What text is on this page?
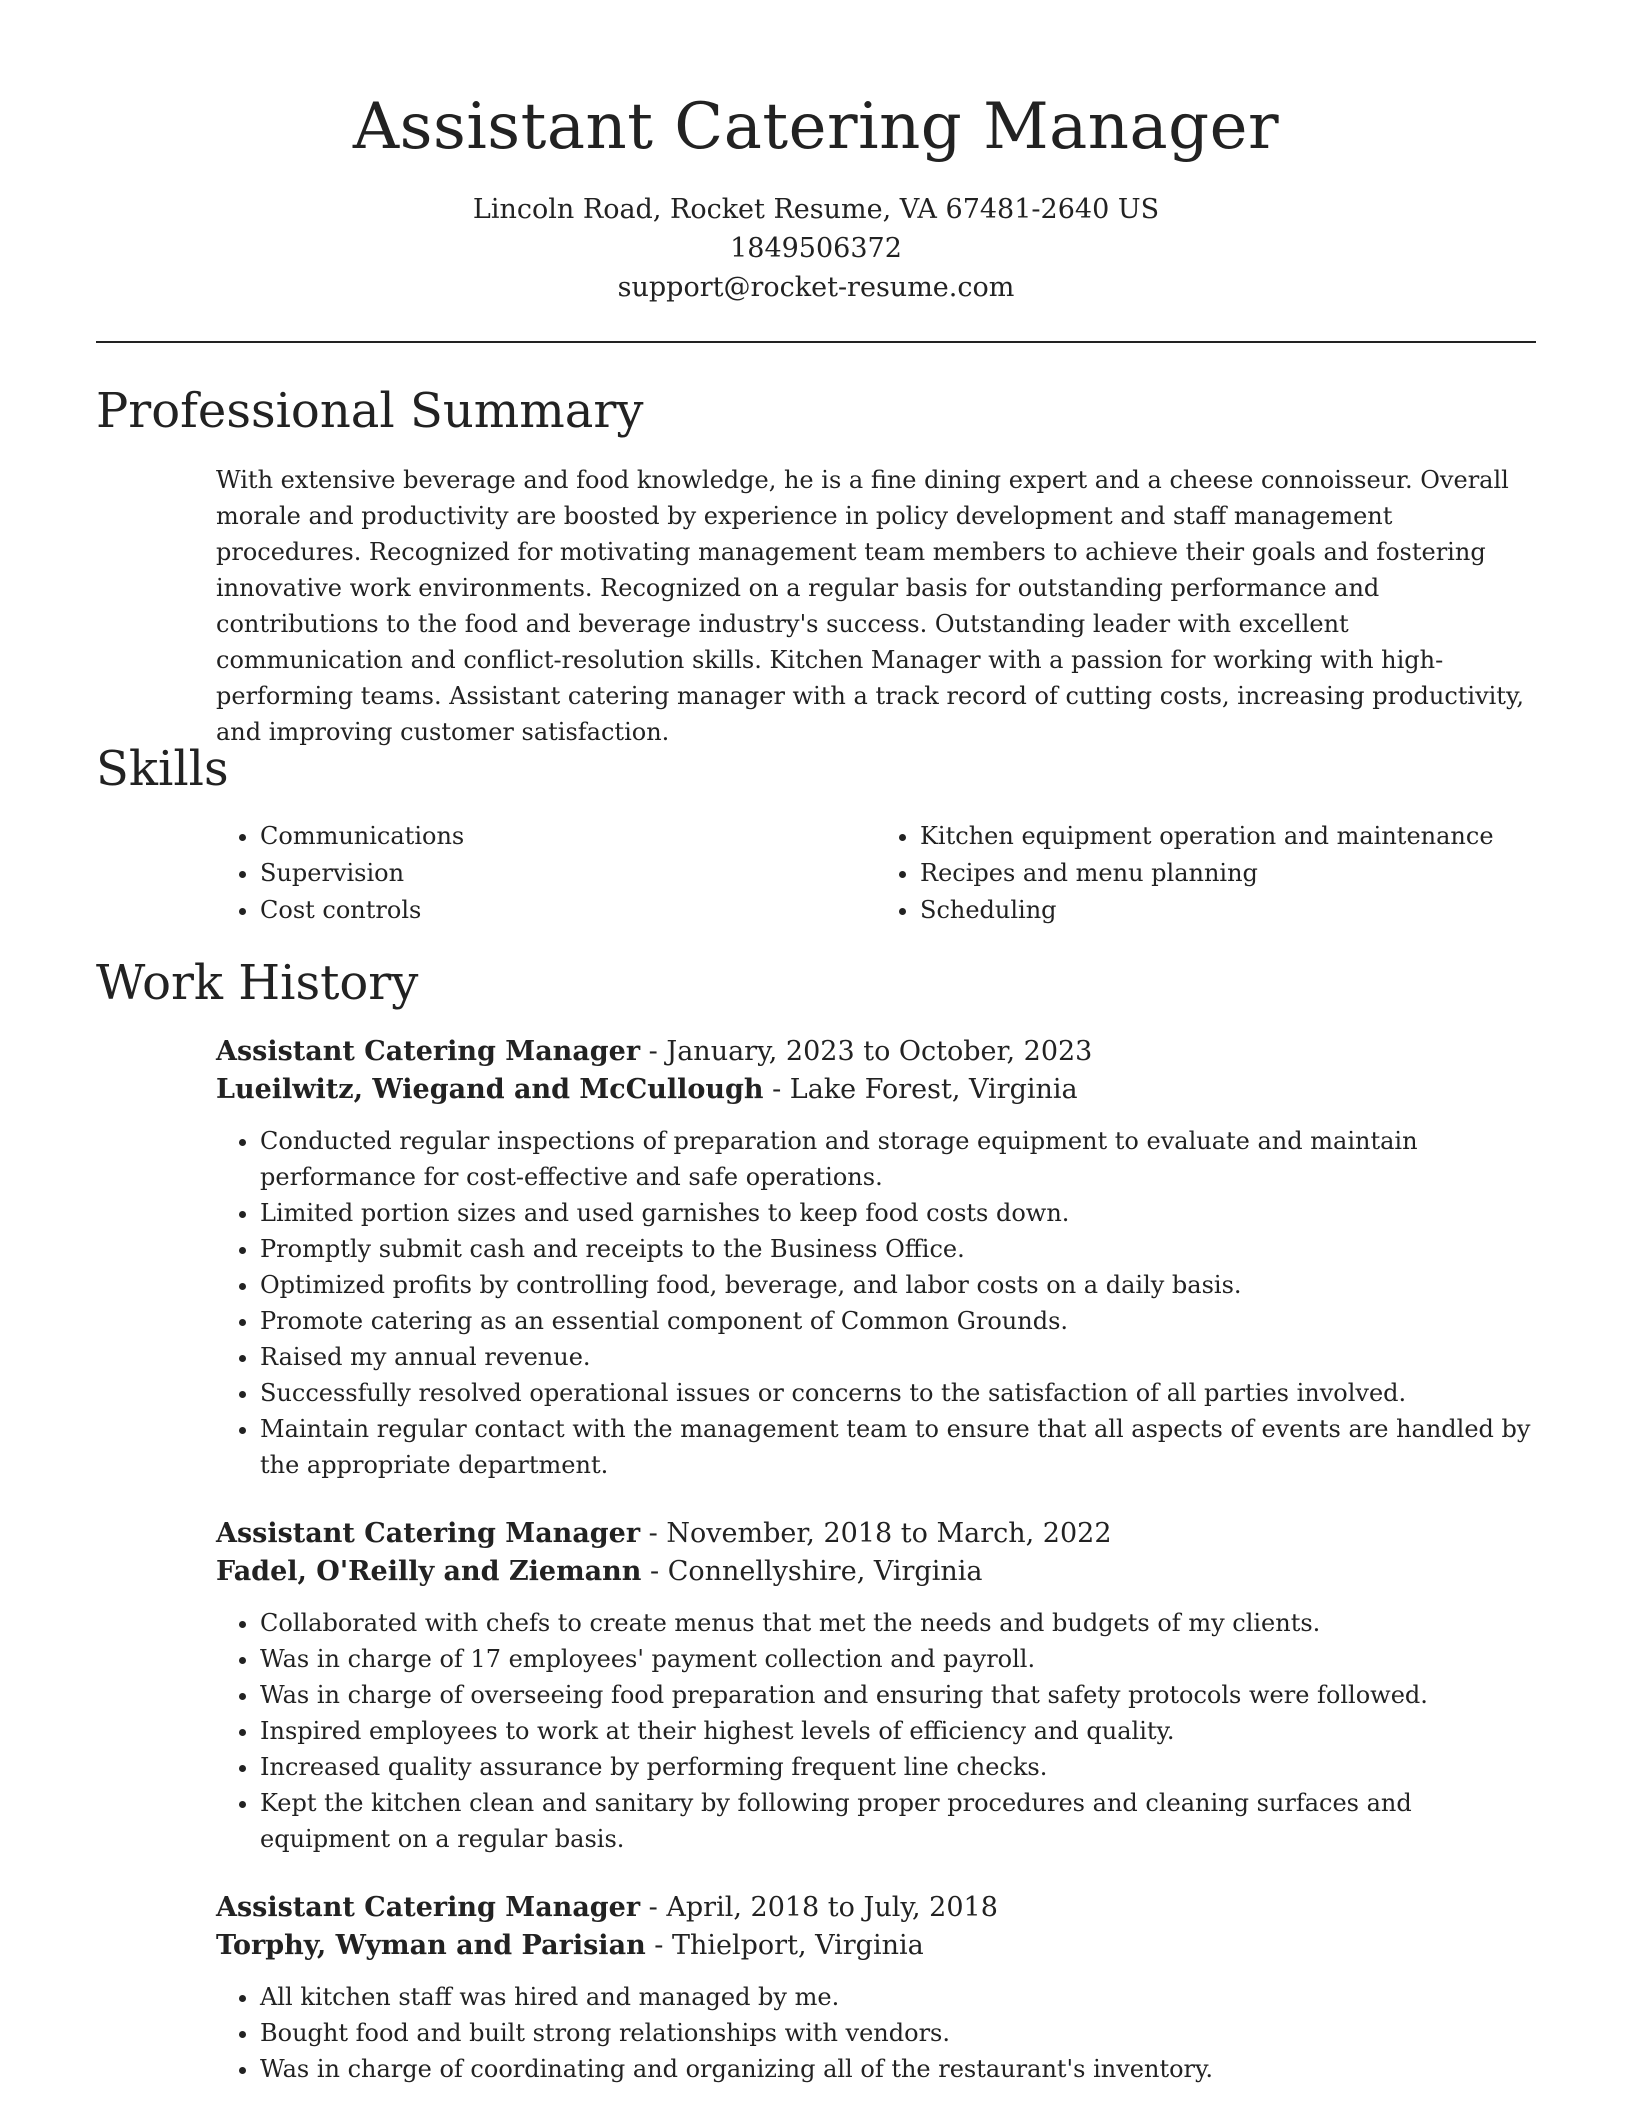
Assistant Catering Manager

Lincoln Road, Rocket Resume, VA 67481-2640 US

1849506372

support@rocket-resume.com

Professional Summary

With extensive beverage and food knowledge, he is a fine dining expert and a cheese connoisseur. Overall morale and productivity are boosted by experience in policy development and staff management procedures. Recognized for motivating management team members to achieve their goals and fostering innovative work environments. Recognized on a regular basis for outstanding performance and contributions to the food and beverage industry's success. Outstanding leader with excellent communication and conflict-resolution skills. Kitchen Manager with a passion for working with high-performing teams. Assistant catering manager with a track record of cutting costs, increasing productivity, and improving customer satisfaction.

Skills
• Communications
• Supervision
• Cost controls
• Kitchen equipment operation and maintenance
• Recipes and menu planning
• Scheduling
Work History

Assistant Catering Manager - January, 2023 to October, 2023

Lueilwitz, Wiegand and McCullough - Lake Forest, Virginia

• Conducted regular inspections of preparation and storage equipment to evaluate and maintain performance for cost-effective and safe operations.
• Limited portion sizes and used garnishes to keep food costs down.
• Promptly submit cash and receipts to the Business Office.
• Optimized profits by controlling food, beverage, and labor costs on a daily basis.
• Promote catering as an essential component of Common Grounds.
• Raised my annual revenue.
• Successfully resolved operational issues or concerns to the satisfaction of all parties involved.
• Maintain regular contact with the management team to ensure that all aspects of events are handled by the appropriate department.

Assistant Catering Manager - November, 2018 to March, 2022

Fadel, O'Reilly and Ziemann - Connellyshire, Virginia

• Collaborated with chefs to create menus that met the needs and budgets of my clients.
• Was in charge of 17 employees' payment collection and payroll.
• Was in charge of overseeing food preparation and ensuring that safety protocols were followed.
• Inspired employees to work at their highest levels of efficiency and quality.
• Increased quality assurance by performing frequent line checks.
• Kept the kitchen clean and sanitary by following proper procedures and cleaning surfaces and equipment on a regular basis.

Assistant Catering Manager - April, 2018 to July, 2018

Torphy, Wyman and Parisian - Thielport, Virginia

• All kitchen staff was hired and managed by me.
• Bought food and built strong relationships with vendors.
• Was in charge of coordinating and organizing all of the restaurant's inventory.
